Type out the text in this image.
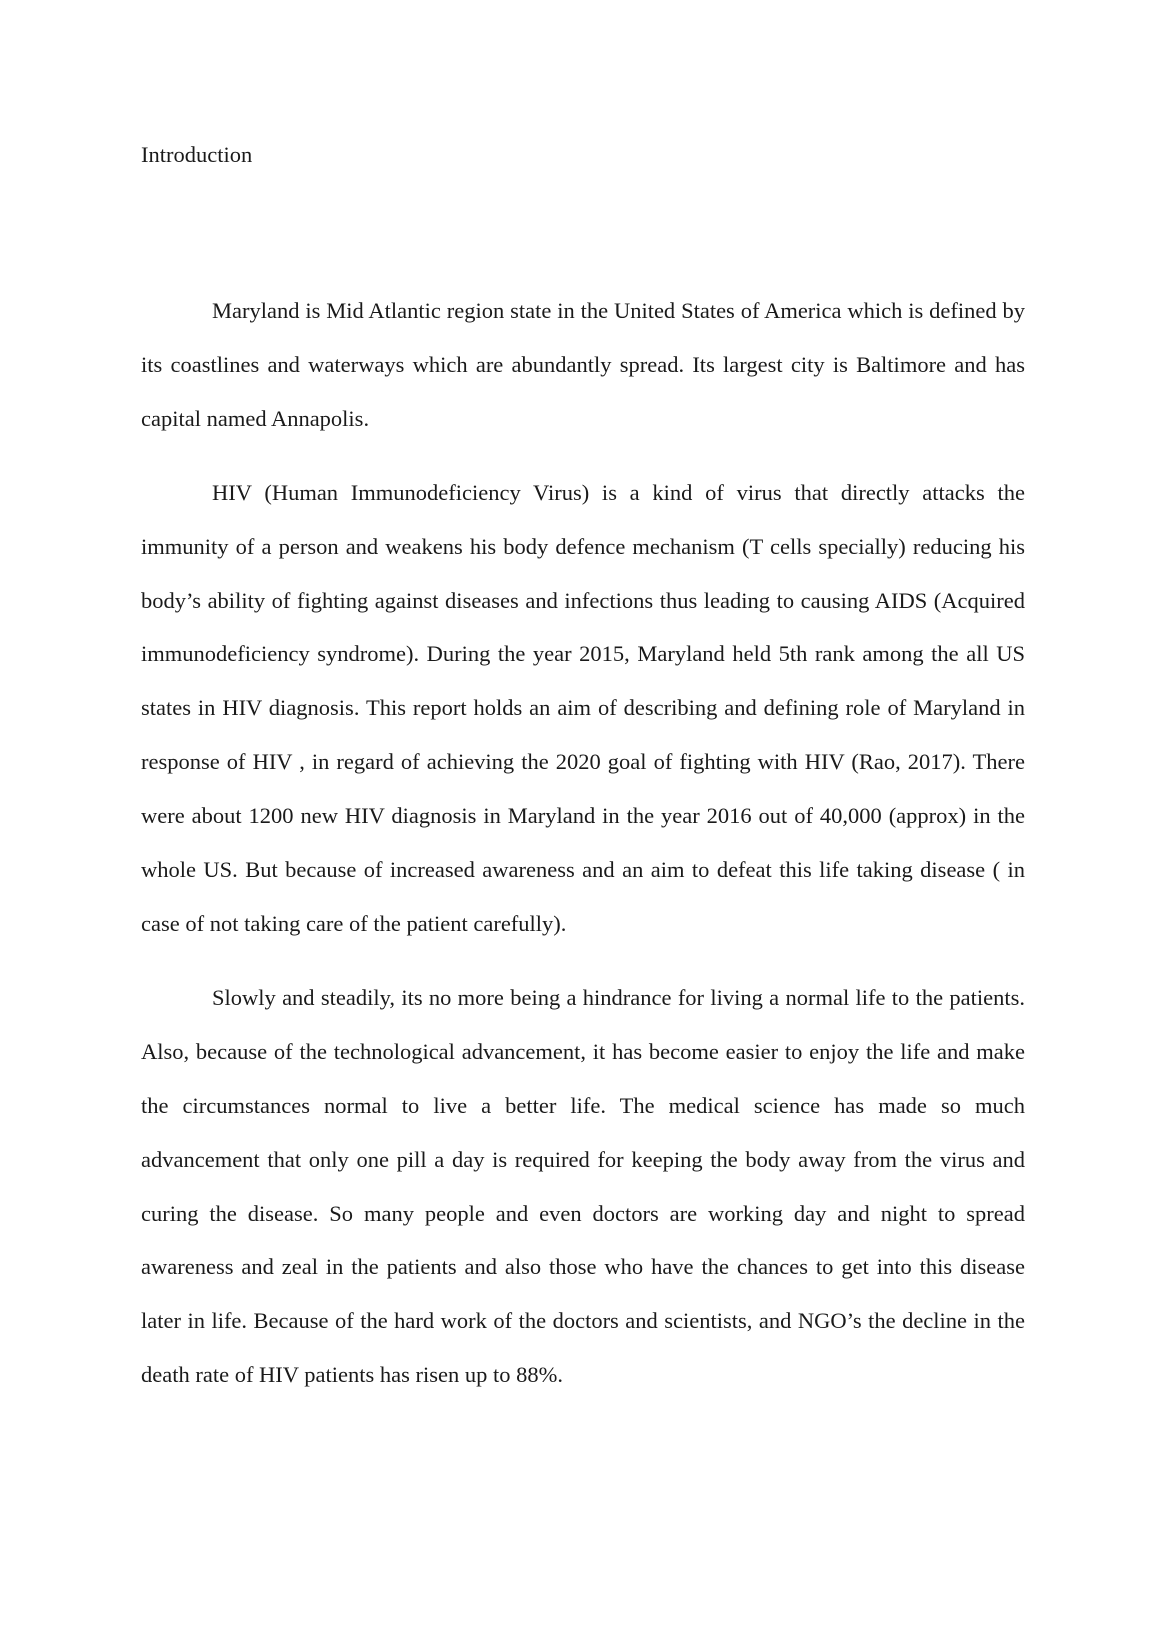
Introduction

Maryland is Mid Atlantic region state in the United States of America which is defined by its coastlines and waterways which are abundantly spread. Its largest city is Baltimore and has capital named Annapolis.

HIV (Human Immunodeficiency Virus) is a kind of virus that directly attacks the immunity of a person and weakens his body defence mechanism (T cells specially) reducing his body’s ability of fighting against diseases and infections thus leading to causing AIDS (Acquired immunodeficiency syndrome). During the year 2015, Maryland held 5th rank among the all US states in HIV diagnosis. This report holds an aim of describing and defining role of Maryland in response of HIV , in regard of achieving the 2020 goal of fighting with HIV (Rao, 2017). There were about 1200 new HIV diagnosis in Maryland in the year 2016 out of 40,000 (approx) in the whole US. But because of increased awareness and an aim to defeat this life taking disease ( in case of not taking care of the patient carefully).

Slowly and steadily, its no more being a hindrance for living a normal life to the patients. Also, because of the technological advancement, it has become easier to enjoy the life and make the circumstances normal to live a better life. The medical science has made so much advancement that only one pill a day is required for keeping the body away from the virus and curing the disease. So many people and even doctors are working day and night to spread awareness and zeal in the patients and also those who have the chances to get into this disease later in life. Because of the hard work of the doctors and scientists, and NGO’s the decline in the death rate of HIV patients has risen up to 88%.
